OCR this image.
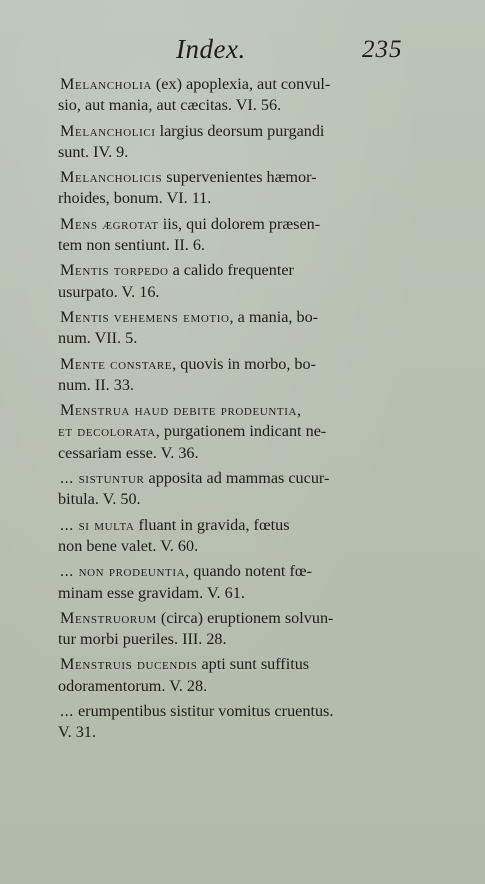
Index.	235
Melancholia (ex) apoplexia, aut convul-
sio, aut mania, aut cæcitas. VI. 56.
Melancholici largius deorsum purgandi
sunt. IV. 9.
Melancholicis supervenientes hæmor-
rhoides, bonum. VI. 11.
Mens ægrotat iis, qui dolorem præsen-
tem non sentiunt. II. 6.
Mentis torpedo a calido frequenter
usurpato. V. 16.
Mentis vehemens emotio, a mania, bo-
num. VII. 5.
Mente constare, quovis in morbo, bo-
num. II. 33.
Menstrua haud debite prodeuntia,
et decolorata, purgationem indicant ne-
cessariam esse. V. 36.
... sistuntur apposita ad mammas cucur-
bitula. V. 50.
... si multa fluant in gravida, fœtus
non bene valet. V. 60.
... non prodeuntia, quando notent fœ-
minam esse gravidam. V. 61.
Menstruorum (circa) eruptionem solvun-
tur morbi pueriles. III. 28.
Menstruis ducendis apti sunt suffitus
odoramentorum. V. 28.
... erumpentibus sistitur vomitus cruentus.
V. 31.
